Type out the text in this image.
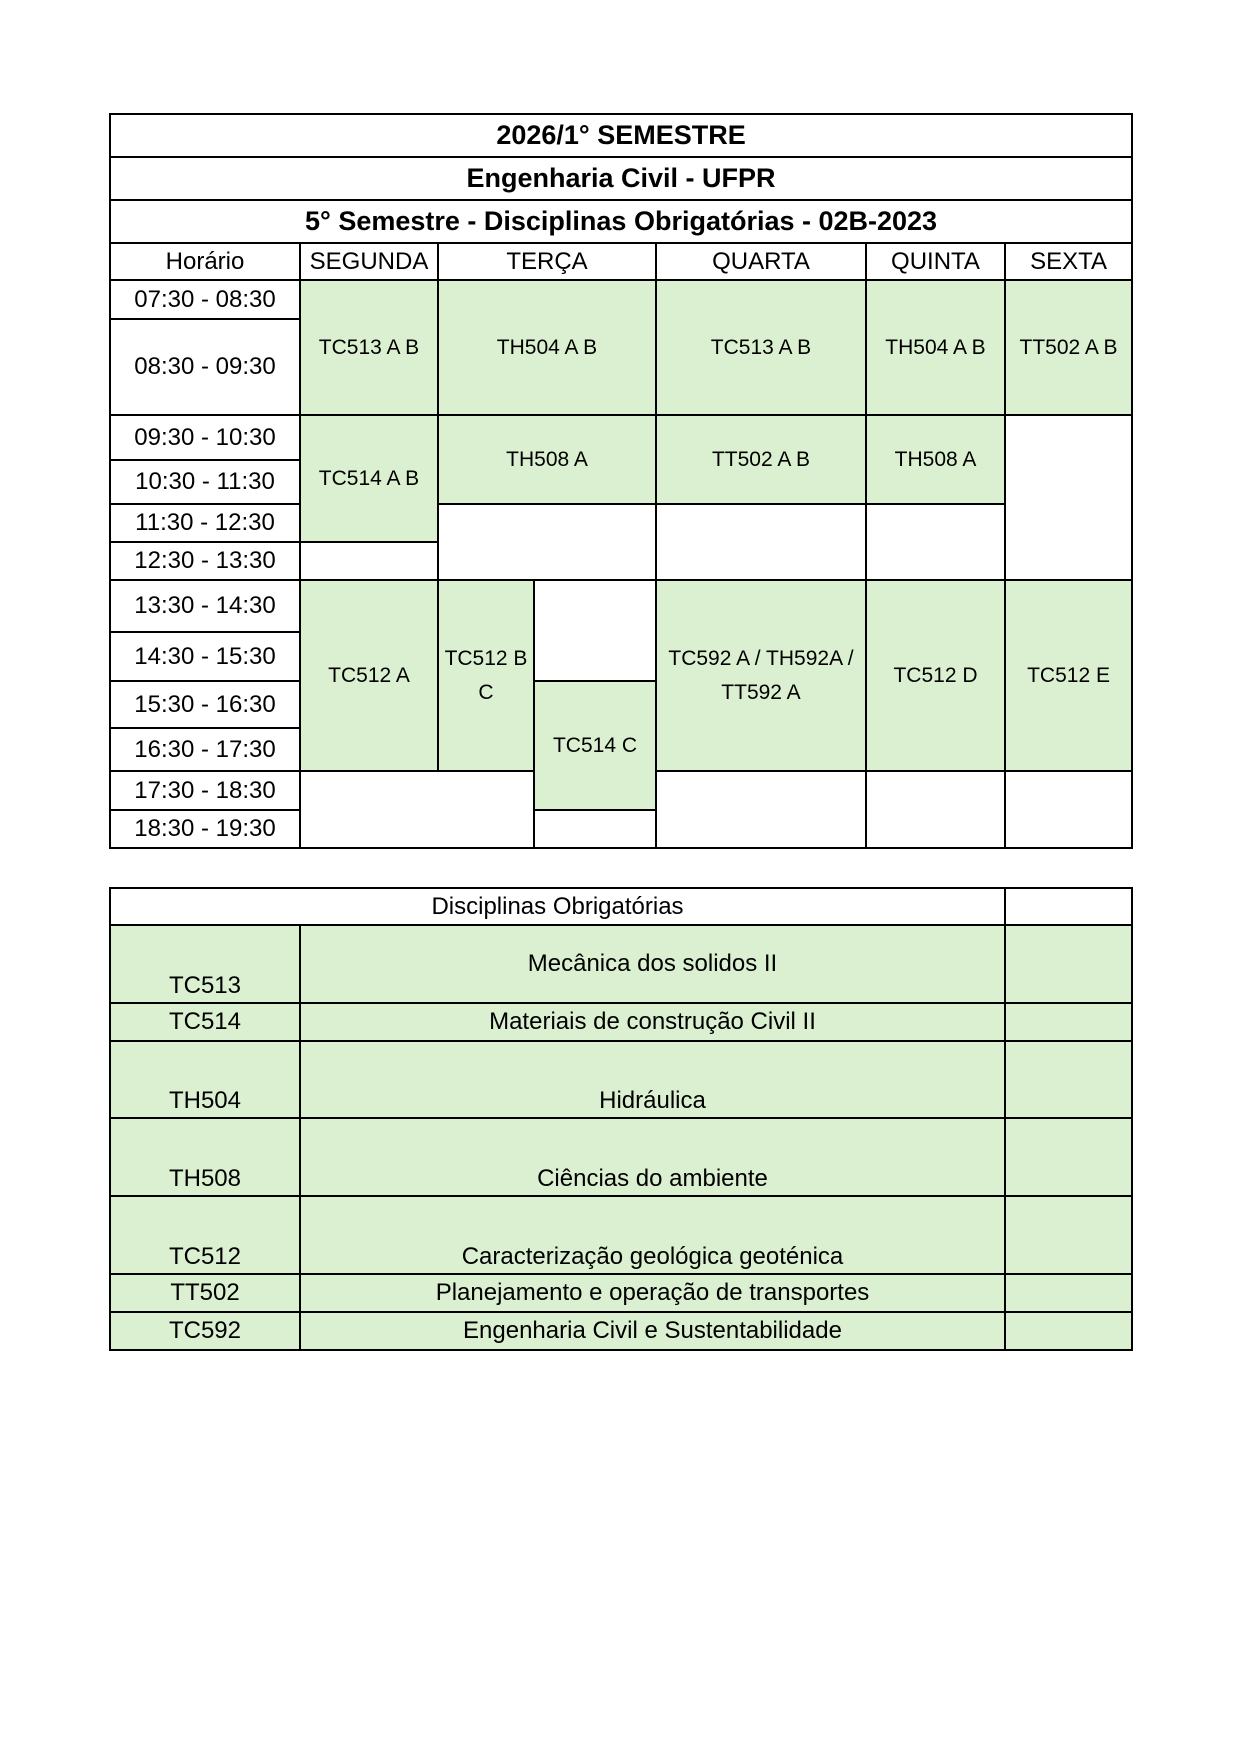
2026/1° SEMESTRE						
Engenharia Civil - UFPR						
5° Semestre - Disciplinas Obrigatórias - 02B-2023						
Horário	SEGUNDA	TERÇA		QUARTA	QUINTA	SEXTA
07:30 - 08:30	TC513 A B	TH504 A B		TC513 A B	TH504 A B	TT502 A B
08:30 - 09:30						
09:30 - 10:30	TC514 A B	TH508 A		TT502 A B	TH508 A	
10:30 - 11:30						
11:30 - 12:30						
12:30 - 13:30						
13:30 - 14:30	TC512 A	TC512 B C		TC592 A / TH592A / TT592 A	TC512 D	TC512 E
14:30 - 15:30						
15:30 - 16:30			TC514 C			
16:30 - 17:30						
17:30 - 18:30						
18:30 - 19:30						
Disciplinas Obrigatórias		
TC513	Mecânica dos solidos II	
TC514	Materiais de construção Civil II	
TH504	Hidráulica	
TH508	Ciências do ambiente	
TC512	Caracterização geológica geoténica	
TT502	Planejamento e operação de transportes	
TC592	Engenharia Civil e Sustentabilidade	
